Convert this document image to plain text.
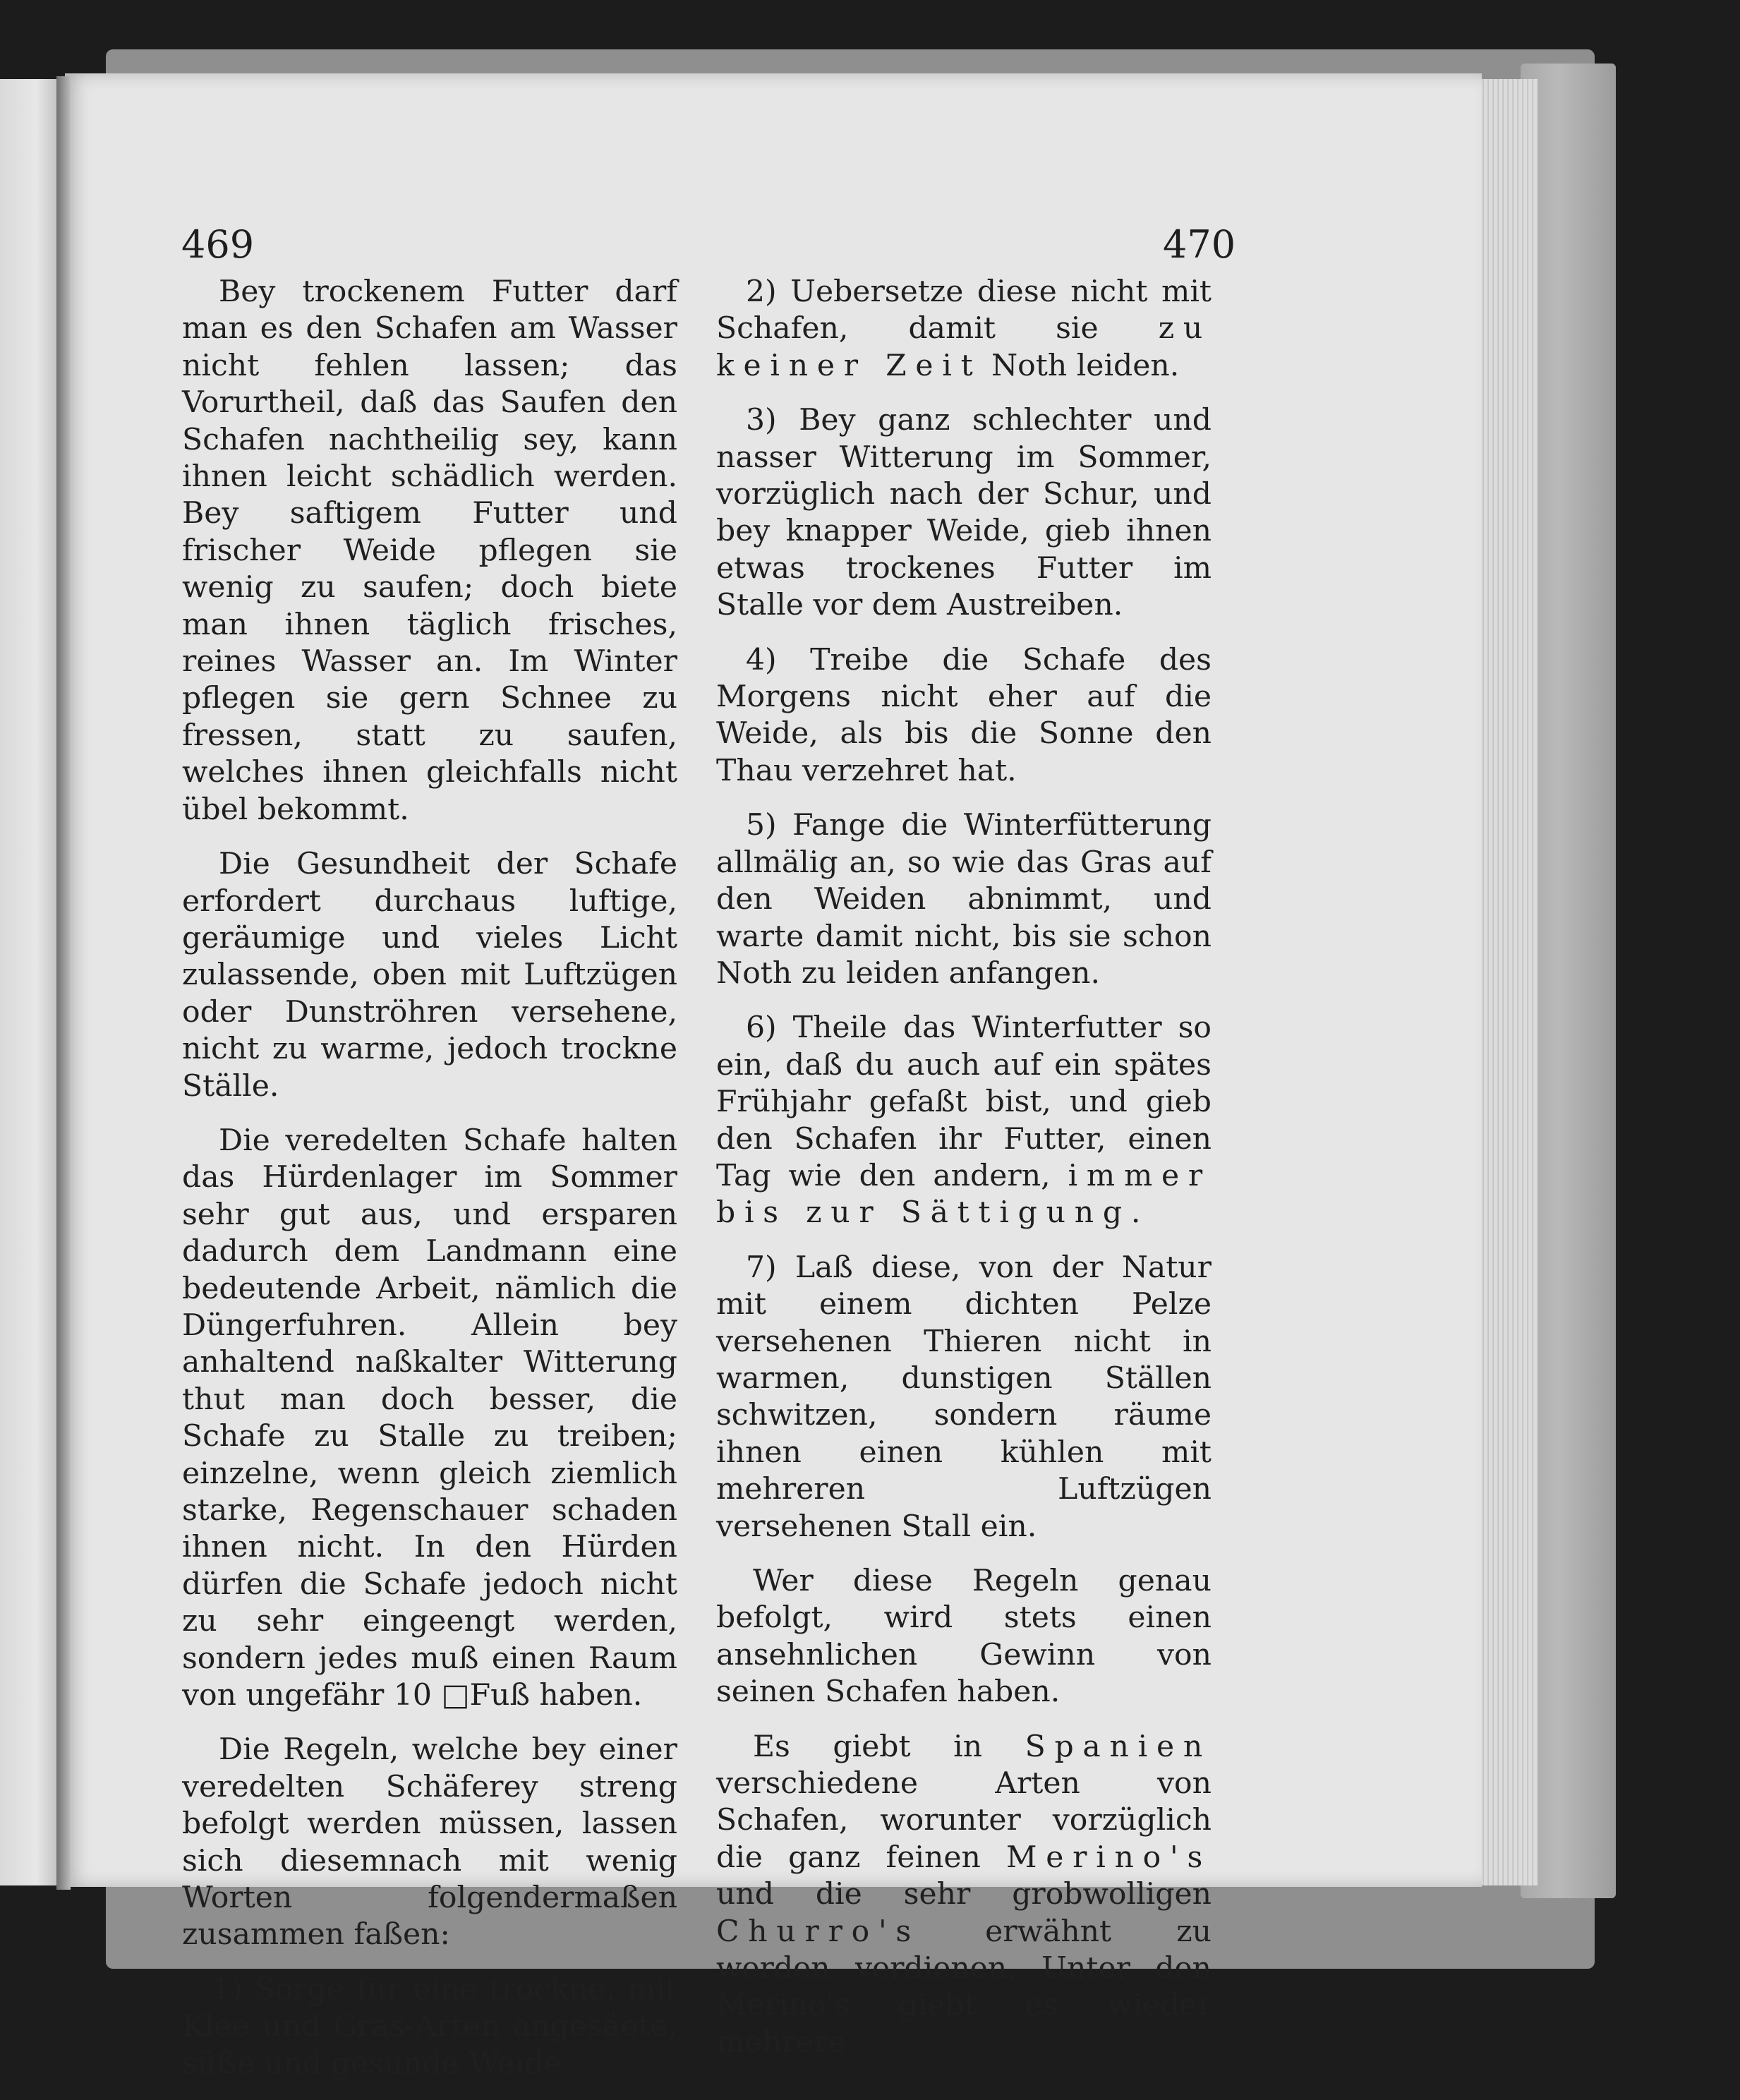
469	470

Bey trockenem Futter darf man es den Schafen am Wasser nicht fehlen lassen; das Vorurtheil, daß das Saufen den Schafen nachtheilig sey, kann ihnen leicht schädlich werden. Bey saftigem Futter und frischer Weide pflegen sie wenig zu saufen; doch biete man ihnen täglich frisches, reines Wasser an. Im Winter pflegen sie gern Schnee zu fressen, statt zu saufen, welches ihnen gleichfalls nicht übel bekommt.

Die Gesundheit der Schafe erfordert durchaus luftige, geräumige und vieles Licht zulassende, oben mit Luftzügen oder Dunströhren versehene, nicht zu warme, jedoch trockne Ställe.

Die veredelten Schafe halten das Hürdenlager im Sommer sehr gut aus, und ersparen dadurch dem Landmann eine bedeutende Arbeit, nämlich die Düngerfuhren. Allein bey anhaltend naßkalter Witterung thut man doch besser, die Schafe zu Stalle zu treiben; einzelne, wenn gleich ziemlich starke, Regenschauer schaden ihnen nicht. In den Hürden dürfen die Schafe jedoch nicht zu sehr eingeengt werden, sondern jedes muß einen Raum von ungefähr 10 □Fuß haben.

Die Regeln, welche bey einer veredelten Schäferey streng befolgt werden müssen, lassen sich diesemnach mit wenig Worten folgendermaßen zusammen faßen:

1) Sorge für eine trockne, mit Klee und Gras-Arten angesäete, süße und gesunde Weide.

2) Uebersetze diese nicht mit Schafen, damit sie zu keiner Zeit Noth leiden.

3) Bey ganz schlechter und nasser Witterung im Sommer, vorzüglich nach der Schur, und bey knapper Weide, gieb ihnen etwas trockenes Futter im Stalle vor dem Austreiben.

4) Treibe die Schafe des Morgens nicht eher auf die Weide, als bis die Sonne den Thau verzehret hat.

5) Fange die Winterfütterung allmälig an, so wie das Gras auf den Weiden abnimmt, und warte damit nicht, bis sie schon Noth zu leiden anfangen.

6) Theile das Winterfutter so ein, daß du auch auf ein spätes Frühjahr gefaßt bist, und gieb den Schafen ihr Futter, einen Tag wie den andern, immer bis zur Sättigung.

7) Laß diese, von der Natur mit einem dichten Pelze versehenen Thieren nicht in warmen, dunstigen Ställen schwitzen, sondern räume ihnen einen kühlen mit mehreren Luftzügen versehenen Stall ein.

Wer diese Regeln genau befolgt, wird stets einen ansehnlichen Gewinn von seinen Schafen haben.

Es giebt in Spanien verschiedene Arten von Schafen, worunter vorzüglich die ganz feinen Merino's und die sehr grobwolligen Churro's erwähnt zu werden verdienen. Unter den Merino's giebt es wieder mehrere
